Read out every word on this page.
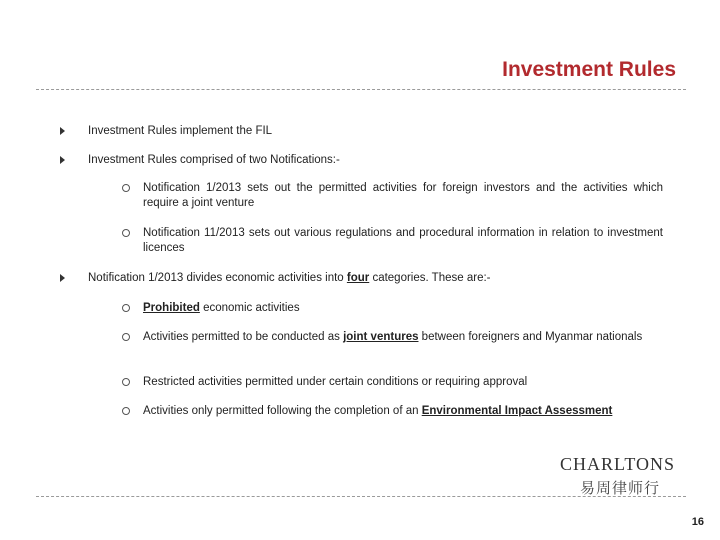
Investment Rules
Investment Rules implement the FIL
Investment Rules comprised of two Notifications:-
Notification 1/2013 sets out the permitted activities for foreign investors and the activities which require a joint venture
Notification 11/2013 sets out various regulations and procedural information in relation to investment licences
Notification 1/2013 divides economic activities into four categories. These are:-
Prohibited economic activities
Activities permitted to be conducted as joint ventures between foreigners and Myanmar nationals
Restricted activities permitted under certain conditions or requiring approval
Activities only permitted following the completion of an Environmental Impact Assessment
CHARLTONS
易周律师行
16
